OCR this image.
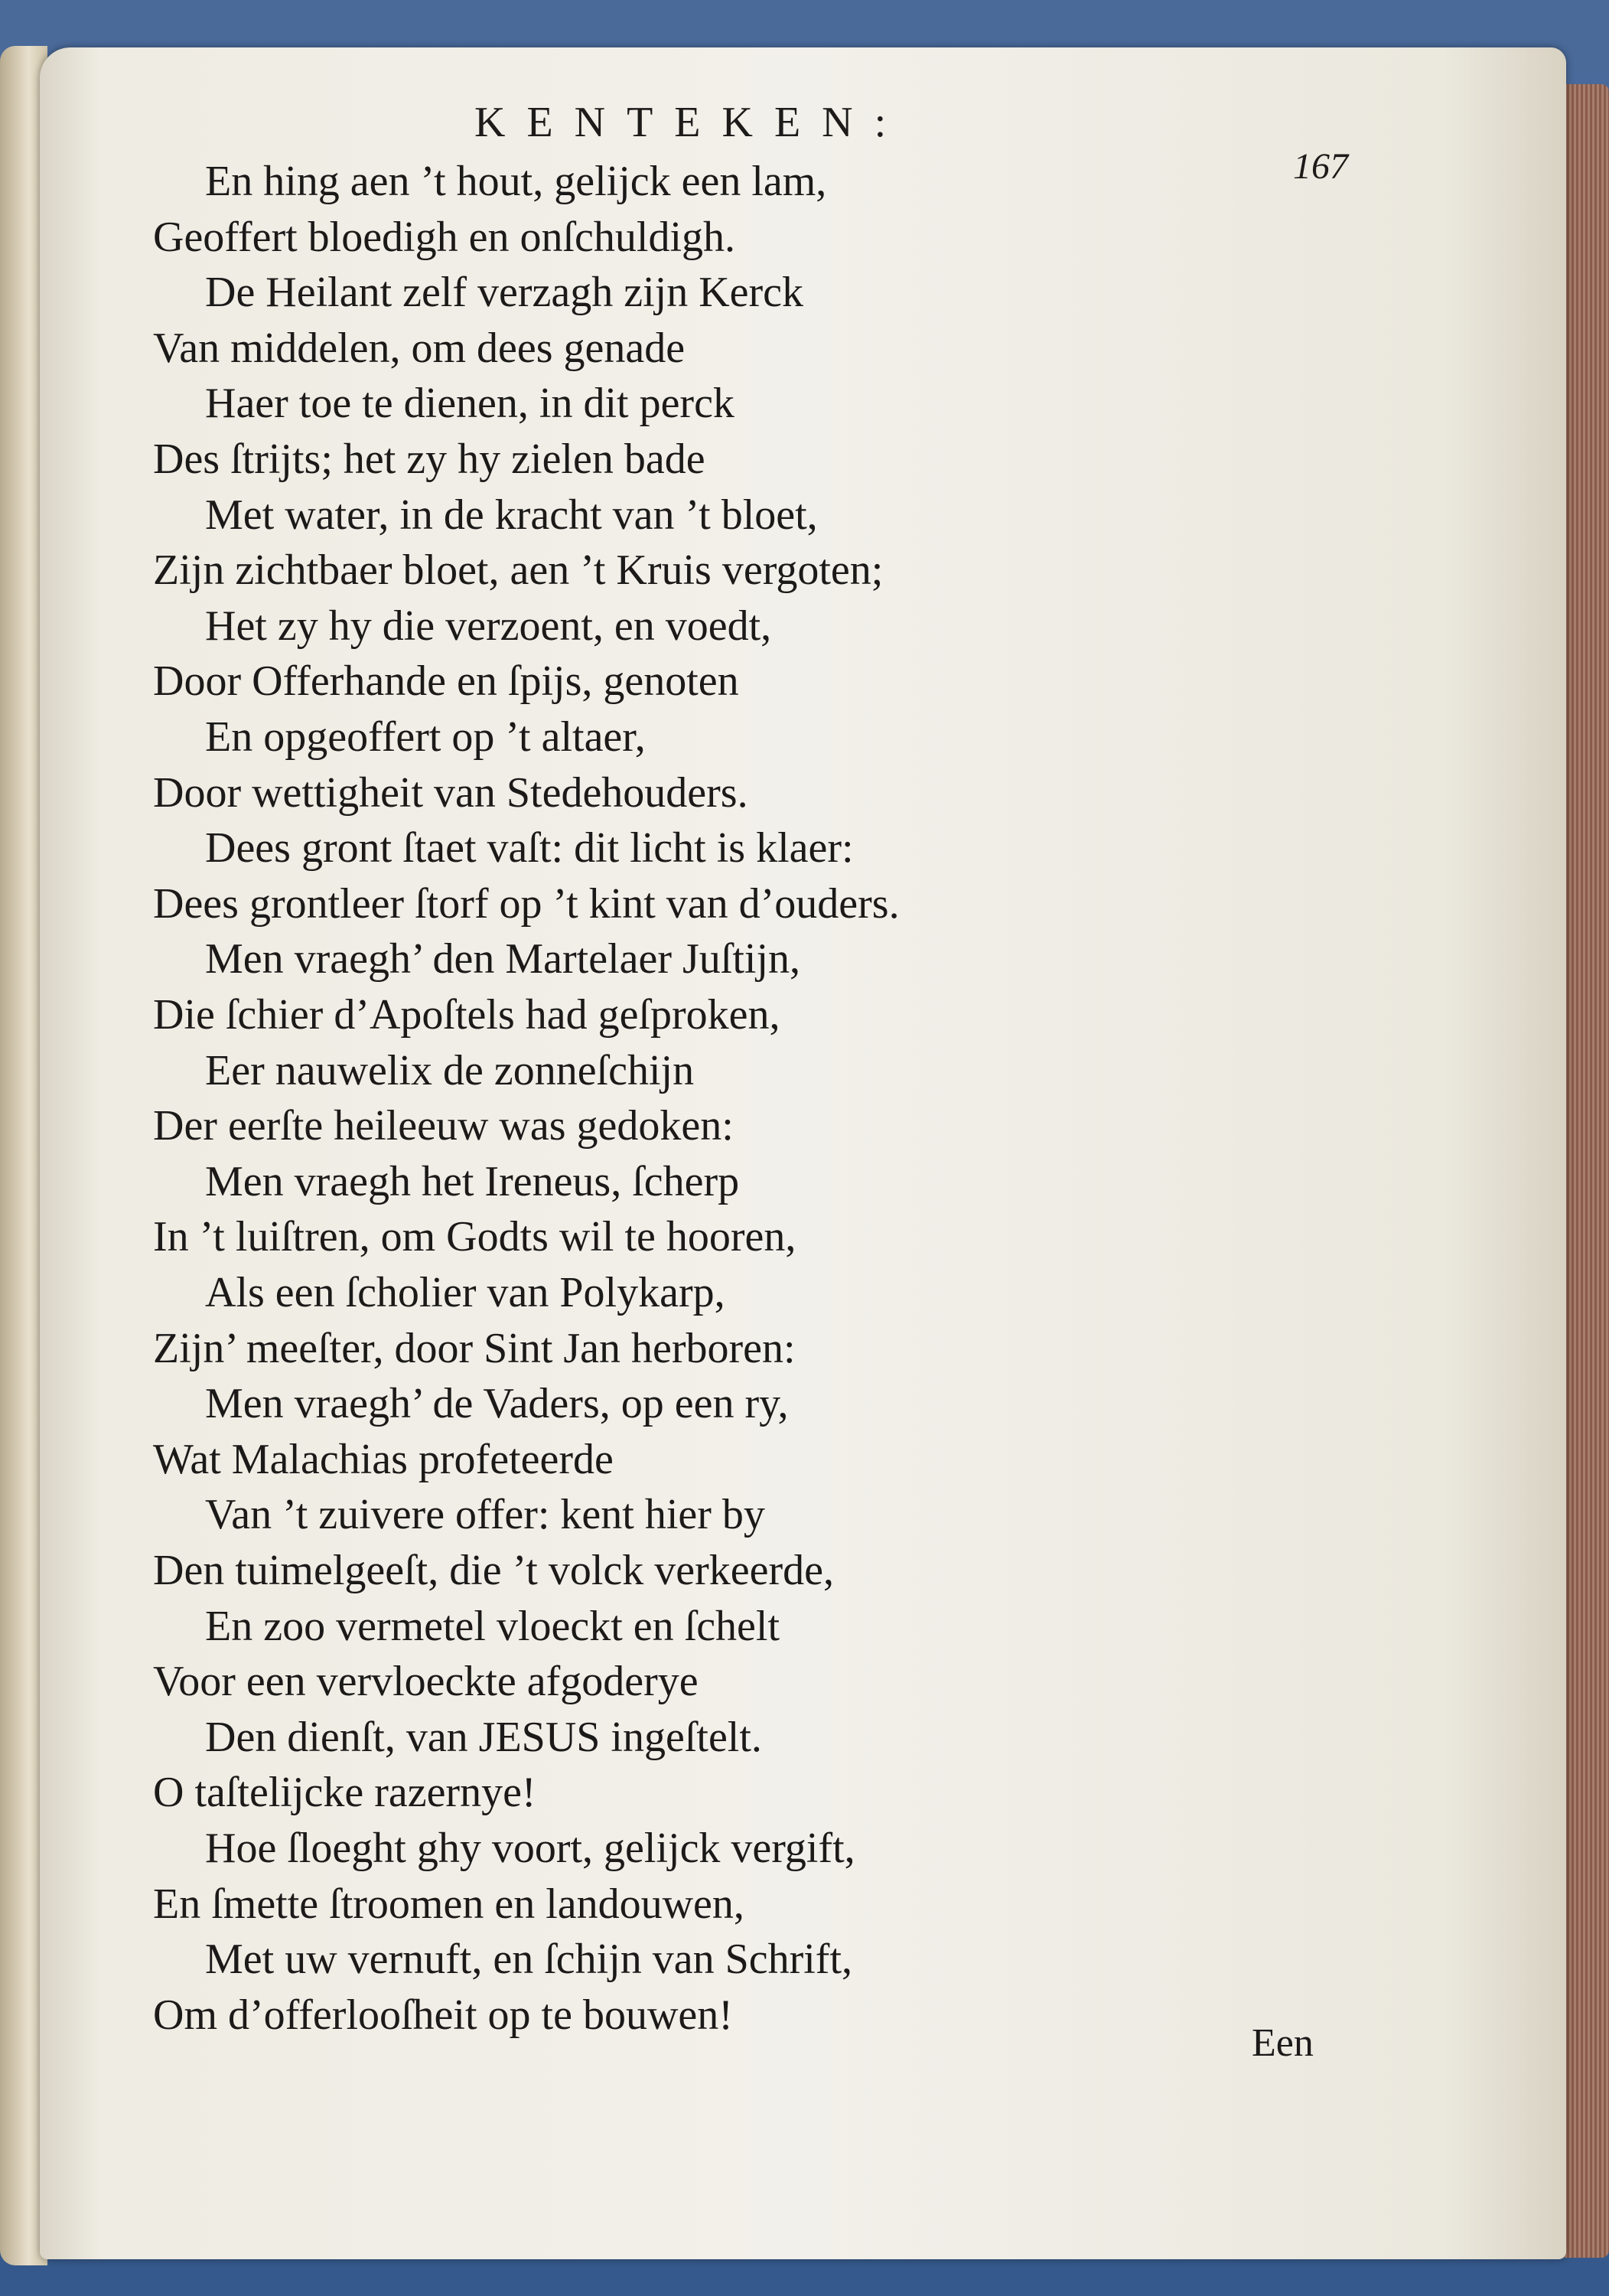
KENTEKEN:
167
En hing aen ’t hout, gelijck een lam,
Geoffert bloedigh en onſchuldigh.
De Heilant zelf verzagh zijn Kerck
Van middelen, om dees genade
Haer toe te dienen, in dit perck
Des ſtrijts; het zy hy zielen bade
Met water, in de kracht van ’t bloet,
Zijn zichtbaer bloet, aen ’t Kruis vergoten;
Het zy hy die verzoent, en voedt,
Door Offerhande en ſpijs, genoten
En opgeoffert op ’t altaer,
Door wettigheit van Stedehouders.
Dees gront ſtaet vaſt: dit licht is klaer:
Dees grontleer ſtorf op ’t kint van d’ouders.
Men vraegh’ den Martelaer Juſtijn,
Die ſchier d’Apoſtels had geſproken,
Eer nauwelix de zonneſchijn
Der eerſte heileeuw was gedoken:
Men vraegh het Ireneus, ſcherp
In ’t luiſtren, om Godts wil te hooren,
Als een ſcholier van Polykarp,
Zijn’ meeſter, door Sint Jan herboren:
Men vraegh’ de Vaders, op een ry,
Wat Malachias profeteerde
Van ’t zuivere offer: kent hier by
Den tuimelgeeſt, die ’t volck verkeerde,
En zoo vermetel vloeckt en ſchelt
Voor een vervloeckte afgoderye
Den dienſt, van JESUS ingeſtelt.
O taſtelijcke razernye!
Hoe ſloeght ghy voort, gelijck vergift,
En ſmette ſtroomen en landouwen,
Met uw vernuft, en ſchijn van Schrift,
Om d’offerlooſheit op te bouwen!
Een
